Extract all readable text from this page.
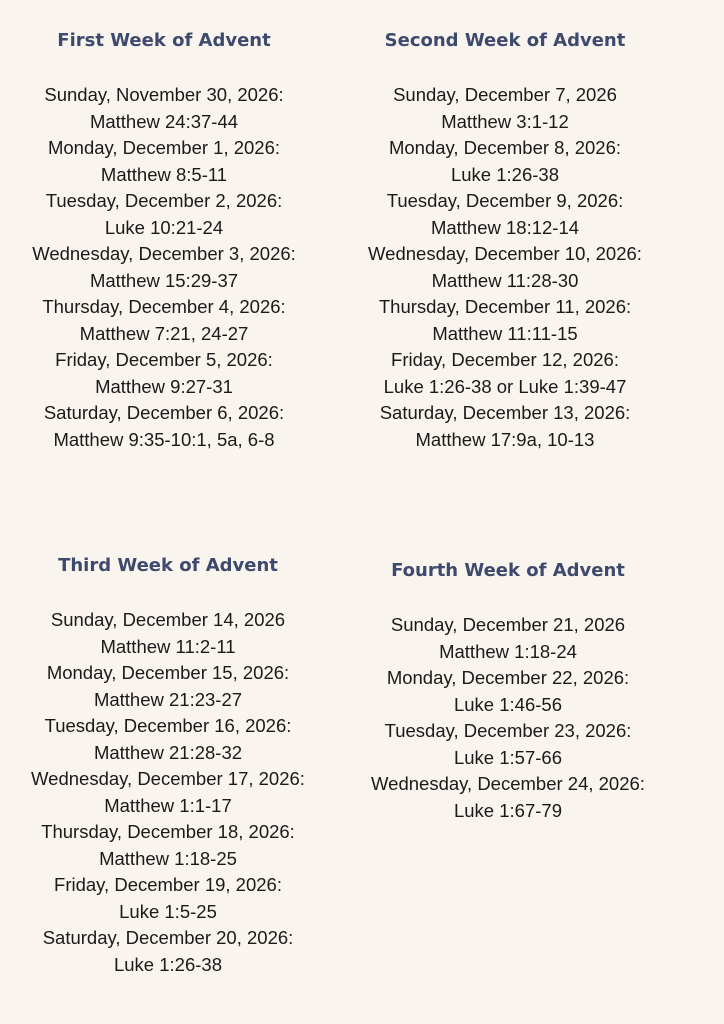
First Week of Advent
Sunday, November 30, 2026:
Matthew 24:37-44
Monday, December 1, 2026:
Matthew 8:5-11
Tuesday, December 2, 2026:
Luke 10:21-24
Wednesday, December 3, 2026:
Matthew 15:29-37
Thursday, December 4, 2026:
Matthew 7:21, 24-27
Friday, December 5, 2026:
Matthew 9:27-31
Saturday, December 6, 2026:
Matthew 9:35-10:1, 5a, 6-8
Second Week of Advent
Sunday, December 7, 2026
Matthew 3:1-12
Monday, December 8, 2026:
Luke 1:26-38
Tuesday, December 9, 2026:
Matthew 18:12-14
Wednesday, December 10, 2026:
Matthew 11:28-30
Thursday, December 11, 2026:
Matthew 11:11-15
Friday, December 12, 2026:
Luke 1:26-38 or Luke 1:39-47
Saturday, December 13, 2026:
Matthew 17:9a, 10-13
Third Week of Advent
Sunday, December 14, 2026
Matthew 11:2-11
Monday, December 15, 2026:
Matthew 21:23-27
Tuesday, December 16, 2026:
Matthew 21:28-32
Wednesday, December 17, 2026:
Matthew 1:1-17
Thursday, December 18, 2026:
Matthew 1:18-25
Friday, December 19, 2026:
Luke 1:5-25
Saturday, December 20, 2026:
Luke 1:26-38
Fourth Week of Advent
Sunday, December 21, 2026
Matthew 1:18-24
Monday, December 22, 2026:
Luke 1:46-56
Tuesday, December 23, 2026:
Luke 1:57-66
Wednesday, December 24, 2026:
Luke 1:67-79
